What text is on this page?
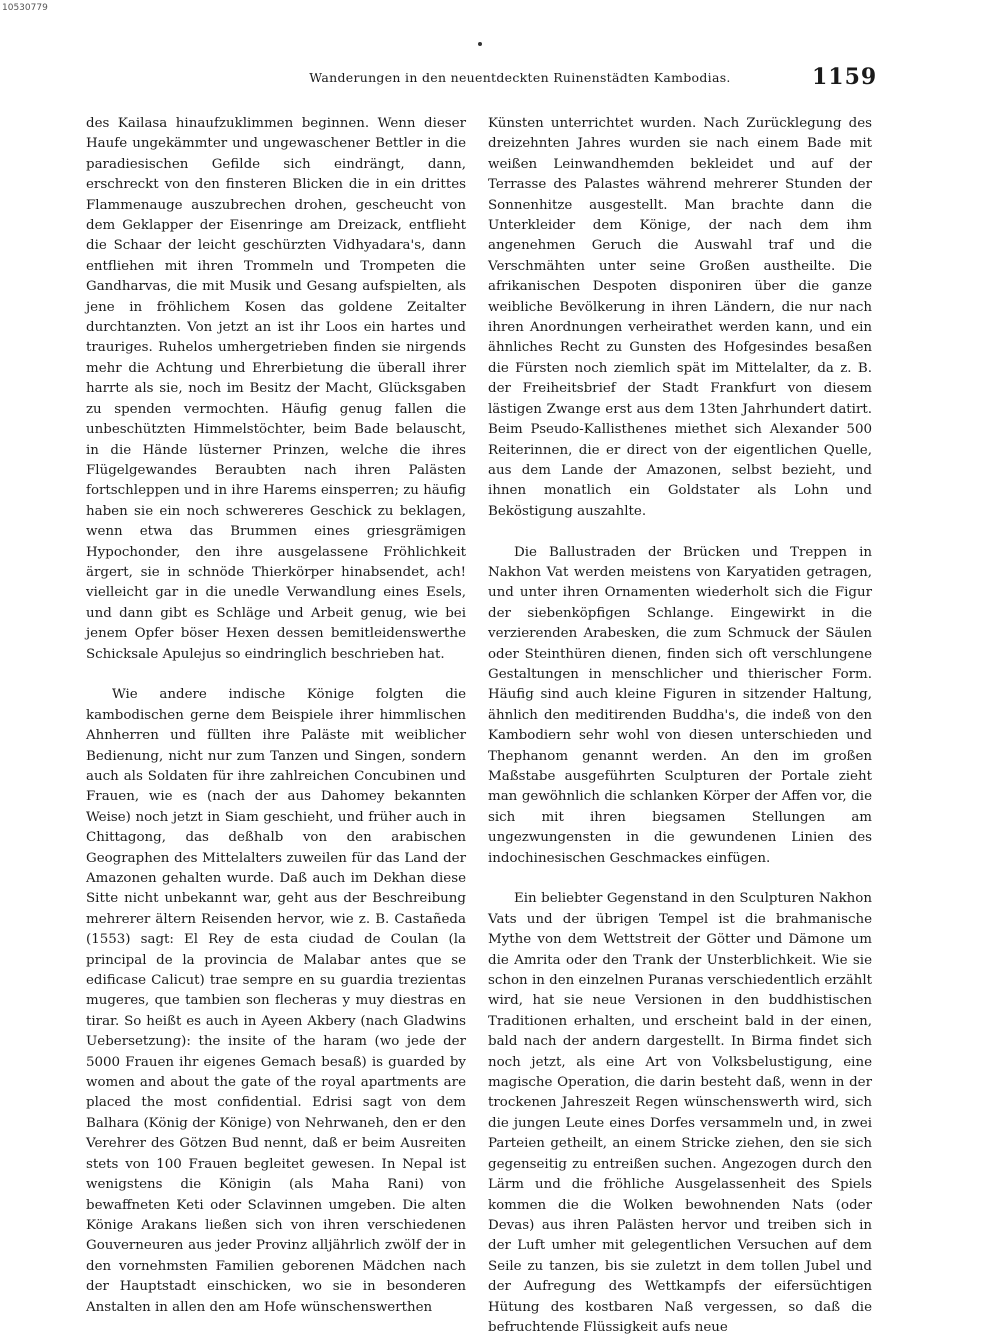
10530779
Wanderungen in den neuentdeckten Ruinenstädten Kambodias.	1159

des Kailasa hinaufzuklimmen beginnen. Wenn dieser Haufe ungekämmter und ungewaschener Bettler in die paradiesischen Gefilde sich eindrängt, dann, erschreckt von den finsteren Blicken die in ein drittes Flammenauge auszubrechen drohen, gescheucht von dem Geklapper der Eisenringe am Dreizack, entflieht die Schaar der leicht geschürzten Vidhyadara's, dann entfliehen mit ihren Trommeln und Trompeten die Gandharvas, die mit Musik und Gesang aufspielten, als jene in fröhlichem Kosen das goldene Zeitalter durchtanzten. Von jetzt an ist ihr Loos ein hartes und trauriges. Ruhelos umhergetrieben finden sie nirgends mehr die Achtung und Ehrerbietung die überall ihrer harrte als sie, noch im Besitz der Macht, Glücksgaben zu spenden vermochten. Häufig genug fallen die unbeschützten Himmelstöchter, beim Bade belauscht, in die Hände lüsterner Prinzen, welche die ihres Flügelgewandes Beraubten nach ihren Palästen fortschleppen und in ihre Harems einsperren; zu häufig haben sie ein noch schwereres Geschick zu beklagen, wenn etwa das Brummen eines griesgrämigen Hypochonder, den ihre ausgelassene Fröhlichkeit ärgert, sie in schnöde Thierkörper hinabsendet, ach! vielleicht gar in die unedle Verwandlung eines Esels, und dann gibt es Schläge und Arbeit genug, wie bei jenem Opfer böser Hexen dessen bemitleidenswerthe Schicksale Apulejus so eindringlich beschrieben hat.

Wie andere indische Könige folgten die kambodischen gerne dem Beispiele ihrer himmlischen Ahnherren und füllten ihre Paläste mit weiblicher Bedienung, nicht nur zum Tanzen und Singen, sondern auch als Soldaten für ihre zahlreichen Concubinen und Frauen, wie es (nach der aus Dahomey bekannten Weise) noch jetzt in Siam geschieht, und früher auch in Chittagong, das deßhalb von den arabischen Geographen des Mittelalters zuweilen für das Land der Amazonen gehalten wurde. Daß auch im Dekhan diese Sitte nicht unbekannt war, geht aus der Beschreibung mehrerer ältern Reisenden hervor, wie z. B. Castañeda (1553) sagt: El Rey de esta ciudad de Coulan (la principal de la provincia de Malabar antes que se edificase Calicut) trae sempre en su guardia trezientas mugeres, que tambien son flecheras y muy diestras en tirar. So heißt es auch in Ayeen Akbery (nach Gladwins Uebersetzung): the insite of the haram (wo jede der 5000 Frauen ihr eigenes Gemach besaß) is guarded by women and about the gate of the royal apartments are placed the most confidential. Edrisi sagt von dem Balhara (König der Könige) von Nehrwaneh, den er den Verehrer des Götzen Bud nennt, daß er beim Ausreiten stets von 100 Frauen begleitet gewesen. In Nepal ist wenigstens die Königin (als Maha Rani) von bewaffneten Keti oder Sclavinnen umgeben. Die alten Könige Arakans ließen sich von ihren verschiedenen Gouverneuren aus jeder Provinz alljährlich zwölf der in den vornehmsten Familien geborenen Mädchen nach der Hauptstadt einschicken, wo sie in besonderen Anstalten in allen den am Hofe wünschenswerthen

Künsten unterrichtet wurden. Nach Zurücklegung des dreizehnten Jahres wurden sie nach einem Bade mit weißen Leinwandhemden bekleidet und auf der Terrasse des Palastes während mehrerer Stunden der Sonnenhitze ausgestellt. Man brachte dann die Unterkleider dem Könige, der nach dem ihm angenehmen Geruch die Auswahl traf und die Verschmähten unter seine Großen austheilte. Die afrikanischen Despoten disponiren über die ganze weibliche Bevölkerung in ihren Ländern, die nur nach ihren Anordnungen verheirathet werden kann, und ein ähnliches Recht zu Gunsten des Hofgesindes besaßen die Fürsten noch ziemlich spät im Mittelalter, da z. B. der Freiheitsbrief der Stadt Frankfurt von diesem lästigen Zwange erst aus dem 13ten Jahrhundert datirt. Beim Pseudo-Kallisthenes miethet sich Alexander 500 Reiterinnen, die er direct von der eigentlichen Quelle, aus dem Lande der Amazonen, selbst bezieht, und ihnen monatlich ein Goldstater als Lohn und Beköstigung auszahlte.

Die Ballustraden der Brücken und Treppen in Nakhon Vat werden meistens von Karyatiden getragen, und unter ihren Ornamenten wiederholt sich die Figur der siebenköpfigen Schlange. Eingewirkt in die verzierenden Arabesken, die zum Schmuck der Säulen oder Steinthüren dienen, finden sich oft verschlungene Gestaltungen in menschlicher und thierischer Form. Häufig sind auch kleine Figuren in sitzender Haltung, ähnlich den meditirenden Buddha's, die indeß von den Kambodiern sehr wohl von diesen unterschieden und Thephanom genannt werden. An den im großen Maßstabe ausgeführten Sculpturen der Portale zieht man gewöhnlich die schlanken Körper der Affen vor, die sich mit ihren biegsamen Stellungen am ungezwungensten in die gewundenen Linien des indochinesischen Geschmackes einfügen.

Ein beliebter Gegenstand in den Sculpturen Nakhon Vats und der übrigen Tempel ist die brahmanische Mythe von dem Wettstreit der Götter und Dämone um die Amrita oder den Trank der Unsterblichkeit. Wie sie schon in den einzelnen Puranas verschiedentlich erzählt wird, hat sie neue Versionen in den buddhistischen Traditionen erhalten, und erscheint bald in der einen, bald nach der andern dargestellt. In Birma findet sich noch jetzt, als eine Art von Volksbelustigung, eine magische Operation, die darin besteht daß, wenn in der trockenen Jahreszeit Regen wünschenswerth wird, sich die jungen Leute eines Dorfes versammeln und, in zwei Parteien getheilt, an einem Stricke ziehen, den sie sich gegenseitig zu entreißen suchen. Angezogen durch den Lärm und die fröhliche Ausgelassenheit des Spiels kommen die die Wolken bewohnenden Nats (oder Devas) aus ihren Palästen hervor und treiben sich in der Luft umher mit gelegentlichen Versuchen auf dem Seile zu tanzen, bis sie zuletzt in dem tollen Jubel und der Aufregung des Wettkampfs der eifersüchtigen Hütung des kostbaren Naß vergessen, so daß die befruchtende Flüssigkeit aufs neue
